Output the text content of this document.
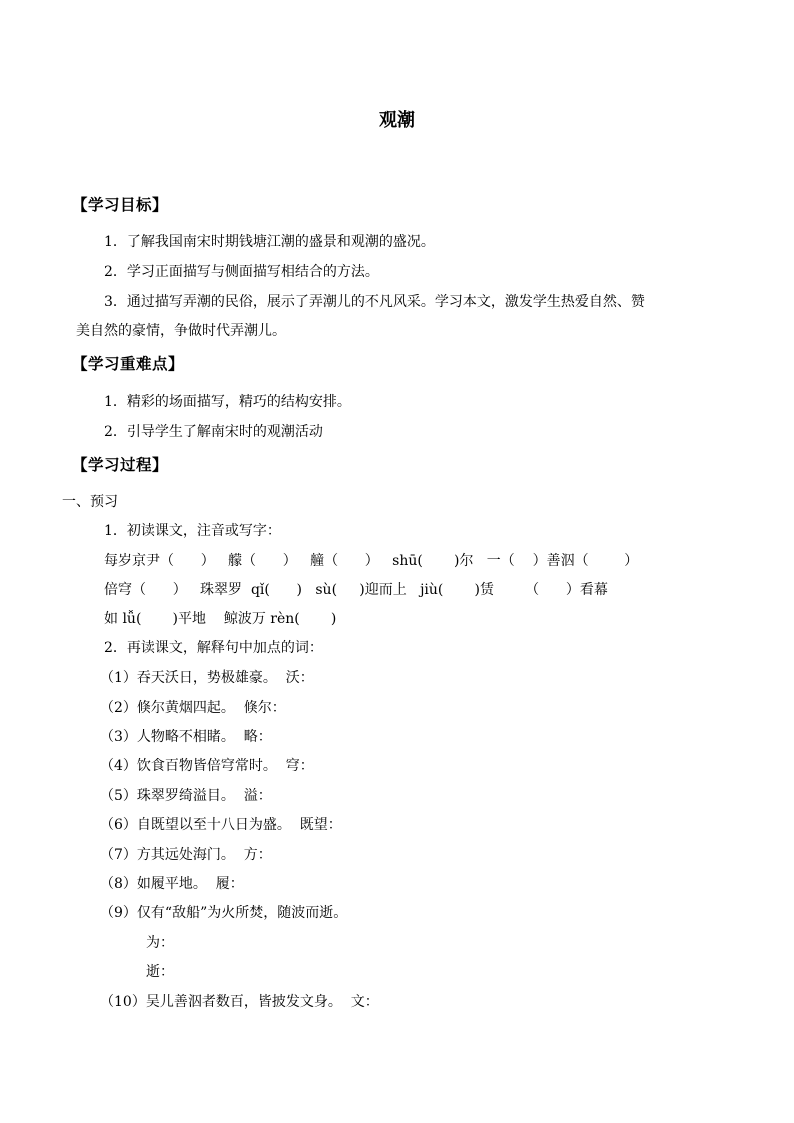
观潮
【学习目标】
1．了解我国南宋时期钱塘江潮的盛景和观潮的盛况。
2．学习正面描写与侧面描写相结合的方法。
3．通过描写弄潮的民俗，展示了弄潮儿的不凡风采。学习本文，激发学生热爱自然、赞
美自然的豪情，争做时代弄潮儿。
【学习重难点】
1．精彩的场面描写，精巧的结构安排。
2．引导学生了解南宋时的观潮活动
【学习过程】
一、预习
1．初读课文，注音或写字：
每岁京尹（      ）   艨（      ）   艟（      ）   shū(       )尔   一（    ）善泅（        ）
倍穹（      ）   珠翠罗  qǐ(      )   sù(     )迎而上   jiù(       )赁       （      ）看幕
如 lǚ(       )平地    鲸波万 rèn(       )
2．再读课文，解释句中加点的词：
（1）吞天沃日，势极雄豪。  沃：
（2）倏尔黄烟四起。  倏尔：
（3）人物略不相睹。  略：
（4）饮食百物皆倍穹常时。  穹：
（5）珠翠罗绮溢目。  溢：
（6）自既望以至十八日为盛。  既望：
（7）方其远处海门。  方：
（8）如履平地。  履：
（9）仅有“敌船”为火所焚，随波而逝。
为：
逝：
（10）吴儿善泅者数百，皆披发文身。  文：
